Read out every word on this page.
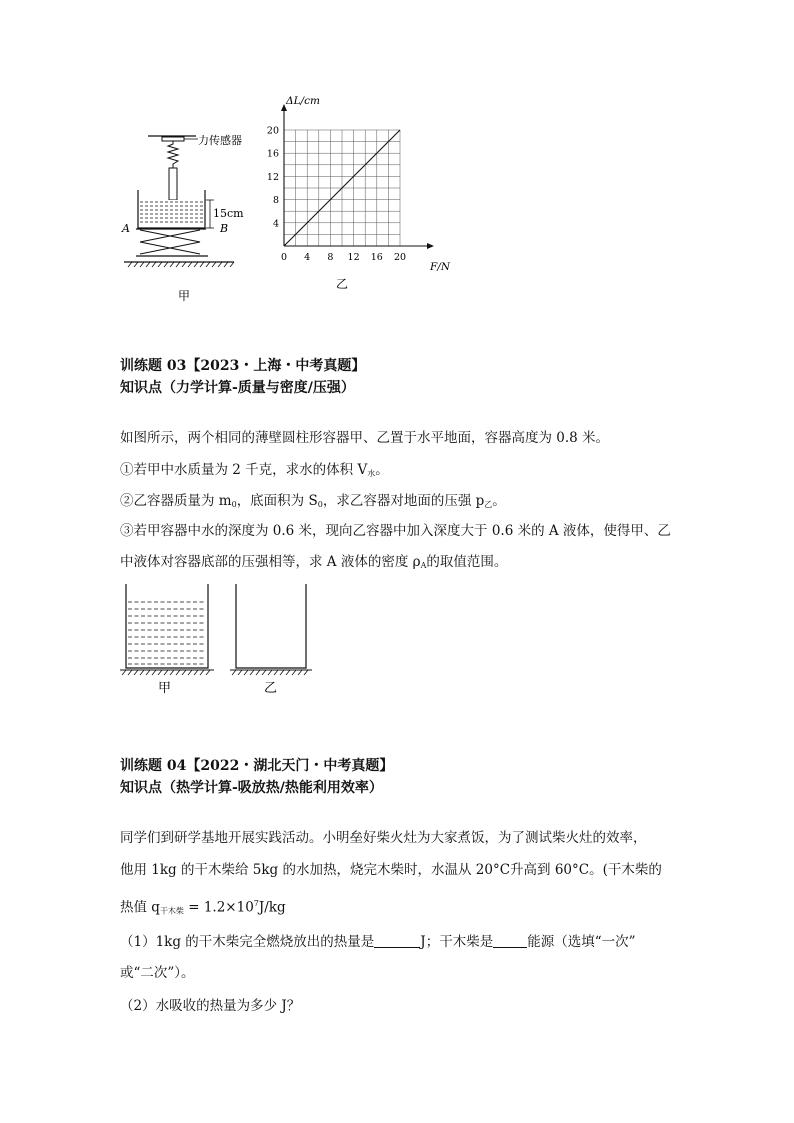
力传感器
15cm
A	B
甲
0 4 8 12 16 20
4
8
12
16
20
ΔL/cm
F/N
乙
训练题 03【2023・上海・中考真题】
知识点（力学计算-质量与密度/压强）
如图所示，两个相同的薄壁圆柱形容器甲、乙置于水平地面，容器高度为 0.8 米。
①若甲中水质量为 2 千克，求水的体积 $V_水$。
②乙容器质量为 $m_0$，底面积为 $S_0$，求乙容器对地面的压强 $p_乙$。
③若甲容器中水的深度为 0.6 米，现向乙容器中加入深度大于 0.6 米的 A 液体，使得甲、乙
中液体对容器底部的压强相等，求 A 液体的密度 $\rho_A$的取值范围。
甲	乙
训练题 04【2022・湖北天门・中考真题】
知识点（热学计算-吸放热/热能利用效率）
同学们到研学基地开展实践活动。小明垒好柴火灶为大家煮饭，为了测试柴火灶的效率，
他用 1kg 的干木柴给 5kg 的水加热，烧完木柴时，水温从 20°C升高到 60°C。(干木柴的
热值 $q_{干木柴} = 1.2\times 10^7J/kg$
（1）1kg 的干木柴完全燃烧放出的热量是	J；干木柴是	能源（选填“一次”
或“二次”）。
（2）水吸收的热量为多少 J？
